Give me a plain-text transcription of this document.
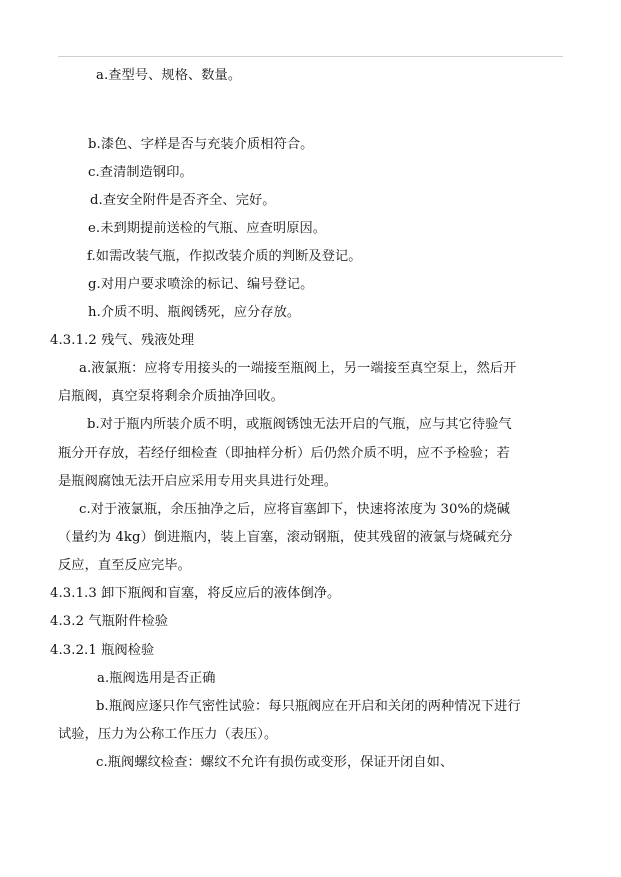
a.查型号、规格、数量。
b.漆色、字样是否与充装介质相符合。
c.查清制造钢印。
d.查安全附件是否齐全、完好。
e.未到期提前送检的气瓶、应查明原因。
f.如需改装气瓶，作拟改装介质的判断及登记。
g.对用户要求喷涂的标记、编号登记。
h.介质不明、瓶阀锈死，应分存放。
4.3.1.2 残气、残液处理
a.液氯瓶：应将专用接头的一端接至瓶阀上，另一端接至真空泵上，然后开
启瓶阀，真空泵将剩余介质抽净回收。
b.对于瓶内所装介质不明，或瓶阀锈蚀无法开启的气瓶，应与其它待验气
瓶分开存放，若经仔细检查（即抽样分析）后仍然介质不明，应不予检验；若
是瓶阀腐蚀无法开启应采用专用夹具进行处理。
c.对于液氯瓶，余压抽净之后，应将盲塞卸下，快速将浓度为 30%的烧碱
（量约为 4kg）倒进瓶内，装上盲塞，滚动钢瓶，使其残留的液氯与烧碱充分
反应，直至反应完毕。
4.3.1.3 卸下瓶阀和盲塞，将反应后的液体倒净。
4.3.2 气瓶附件检验
4.3.2.1 瓶阀检验
a.瓶阀选用是否正确
b.瓶阀应逐只作气密性试验：每只瓶阀应在开启和关闭的两种情况下进行
试验，压力为公称工作压力（表压）。
c.瓶阀螺纹检查：螺纹不允许有损伤或变形，保证开闭自如、
